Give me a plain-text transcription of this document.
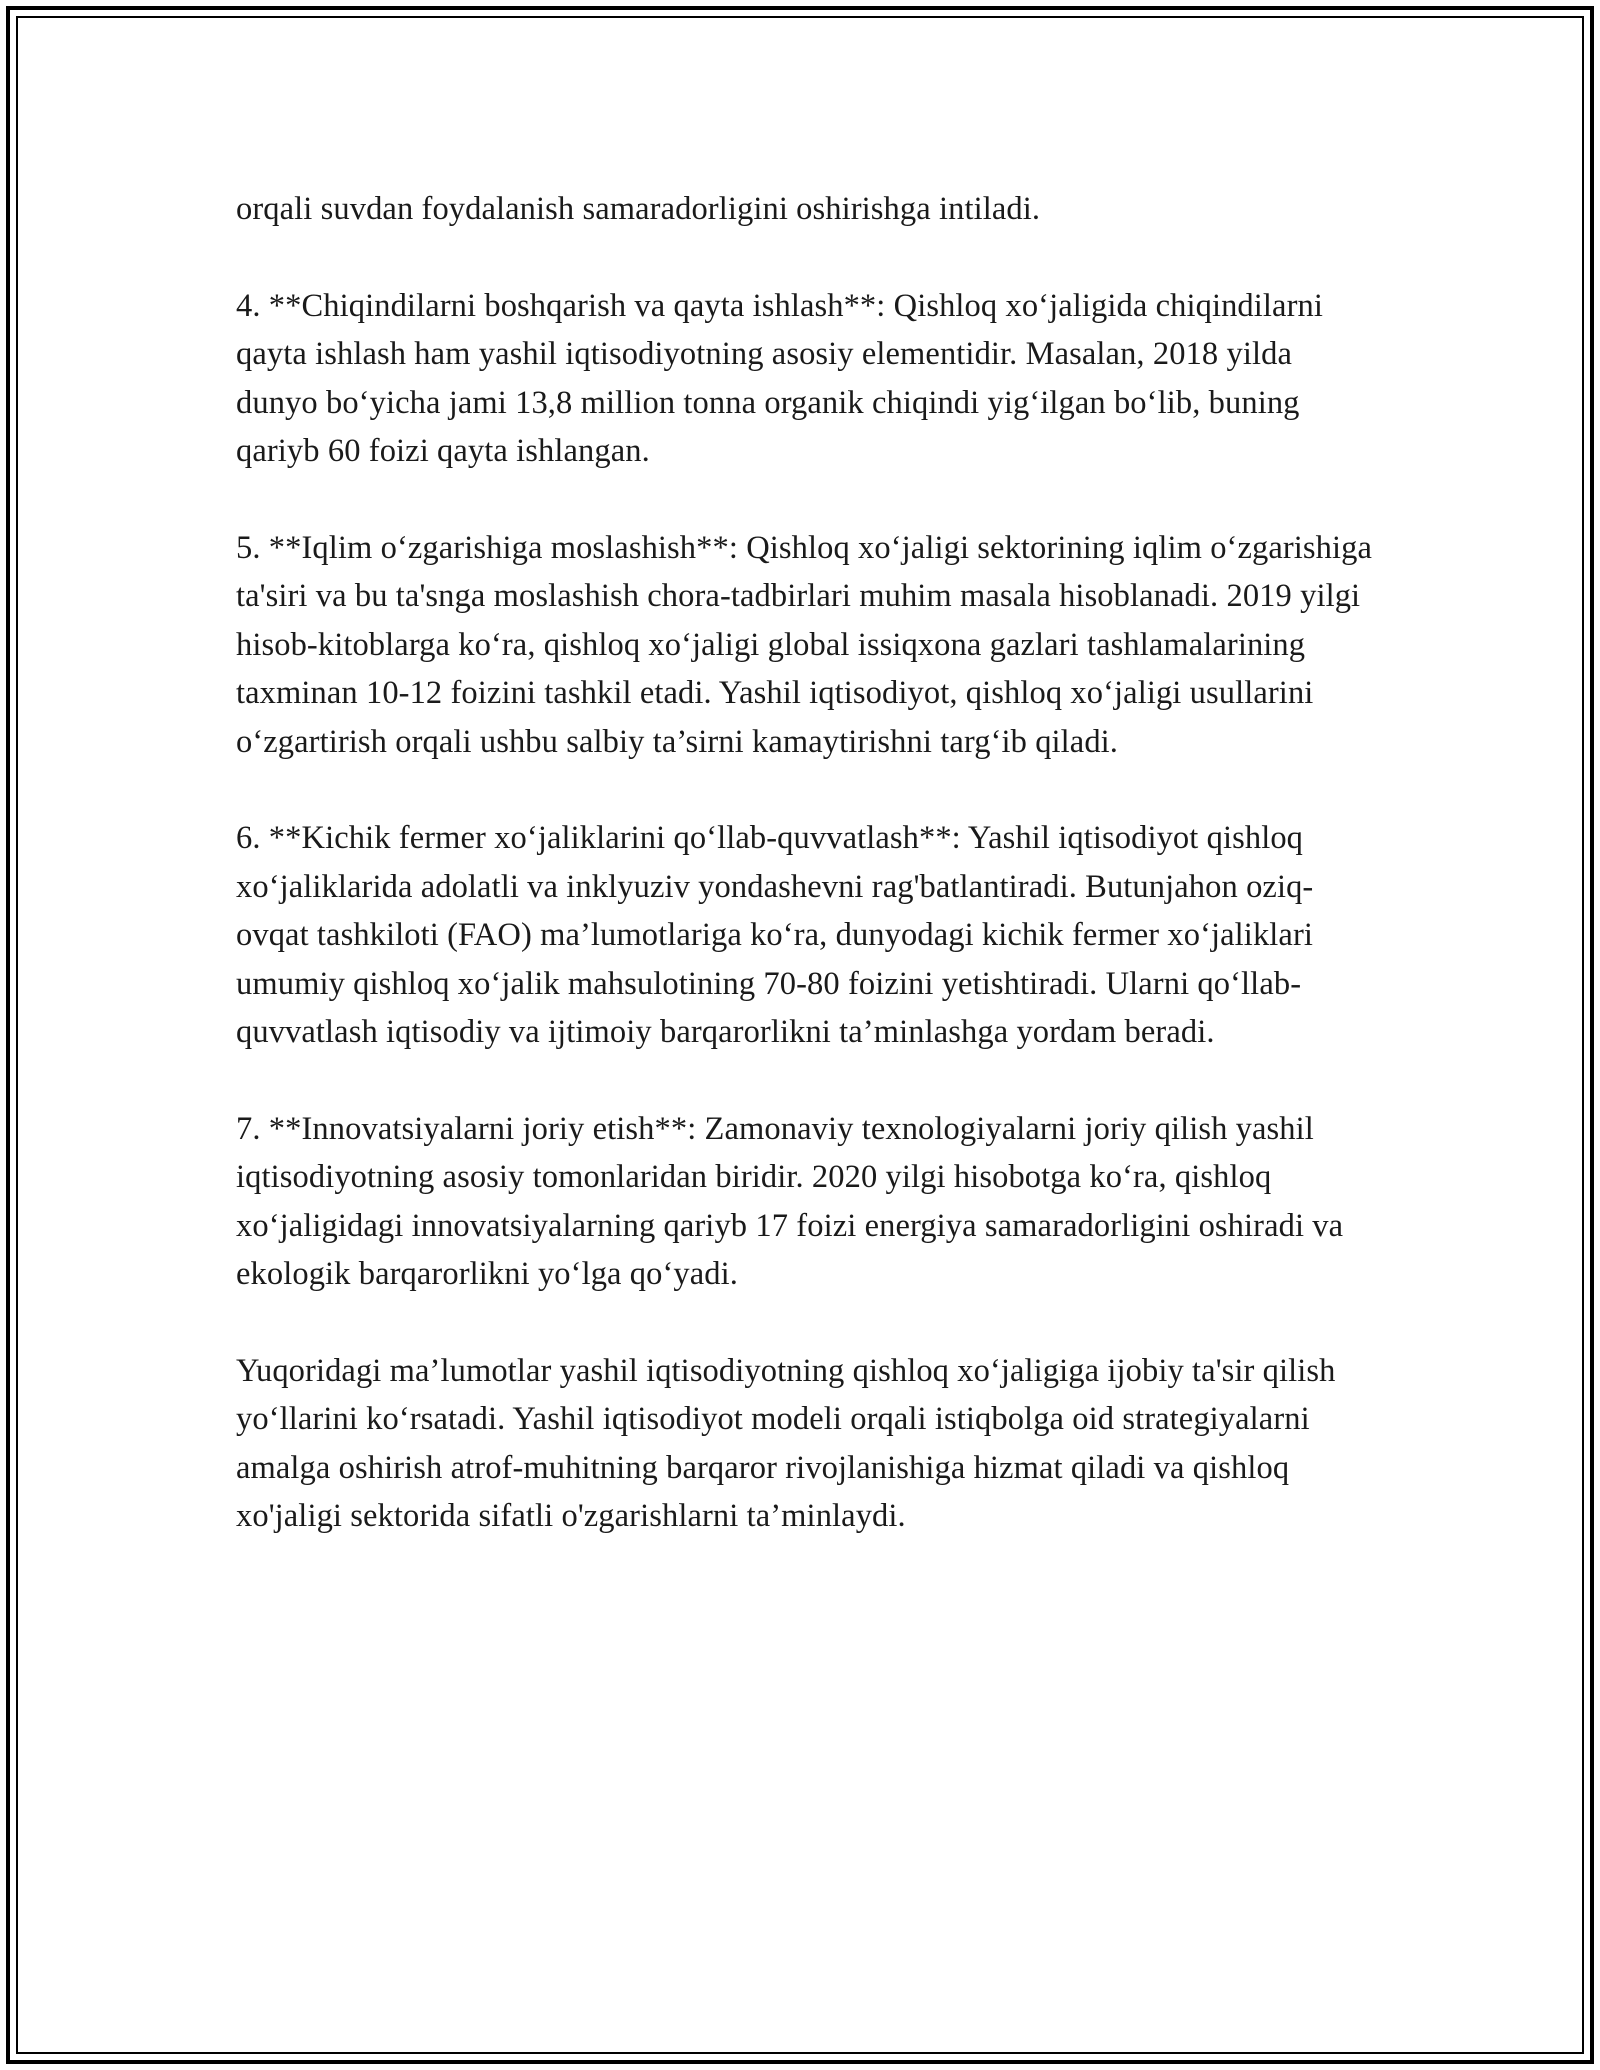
orqali suvdan foydalanish samaradorligini oshirishga intiladi.

4. **Chiqindilarni boshqarish va qayta ishlash**: Qishloq xo‘jaligida chiqindilarni qayta ishlash ham yashil iqtisodiyotning asosiy elementidir. Masalan, 2018 yilda dunyo bo‘yicha jami 13,8 million tonna organik chiqindi yig‘ilgan bo‘lib, buning qariyb 60 foizi qayta ishlangan.

5. **Iqlim o‘zgarishiga moslashish**: Qishloq xo‘jaligi sektorining iqlim o‘zgarishiga ta'siri va bu ta'snga moslashish chora-tadbirlari muhim masala hisoblanadi. 2019 yilgi hisob-kitoblarga ko‘ra, qishloq xo‘jaligi global issiqxona gazlari tashlamalarining taxminan 10-12 foizini tashkil etadi. Yashil iqtisodiyot, qishloq xo‘jaligi usullarini o‘zgartirish orqali ushbu salbiy ta’sirni kamaytirishni targ‘ib qiladi.

6. **Kichik fermer xo‘jaliklarini qo‘llab-quvvatlash**: Yashil iqtisodiyot qishloq xo‘jaliklarida adolatli va inklyuziv yondashevni rag'batlantiradi. Butunjahon oziq-ovqat tashkiloti (FAO) ma’lumotlariga ko‘ra, dunyodagi kichik fermer xo‘jaliklari umumiy qishloq xo‘jalik mahsulotining 70-80 foizini yetishtiradi. Ularni qo‘llab-quvvatlash iqtisodiy va ijtimoiy barqarorlikni ta’minlashga yordam beradi.

7. **Innovatsiyalarni joriy etish**: Zamonaviy texnologiyalarni joriy qilish yashil iqtisodiyotning asosiy tomonlaridan biridir. 2020 yilgi hisobotga ko‘ra, qishloq xo‘jaligidagi innovatsiyalarning qariyb 17 foizi energiya samaradorligini oshiradi va ekologik barqarorlikni yo‘lga qo‘yadi.

Yuqoridagi ma’lumotlar yashil iqtisodiyotning qishloq xo‘jaligiga ijobiy ta'sir qilish yo‘llarini ko‘rsatadi. Yashil iqtisodiyot modeli orqali istiqbolga oid strategiyalarni amalga oshirish atrof-muhitning barqaror rivojlanishiga hizmat qiladi va qishloq xo'jaligi sektorida sifatli o'zgarishlarni ta’minlaydi.
